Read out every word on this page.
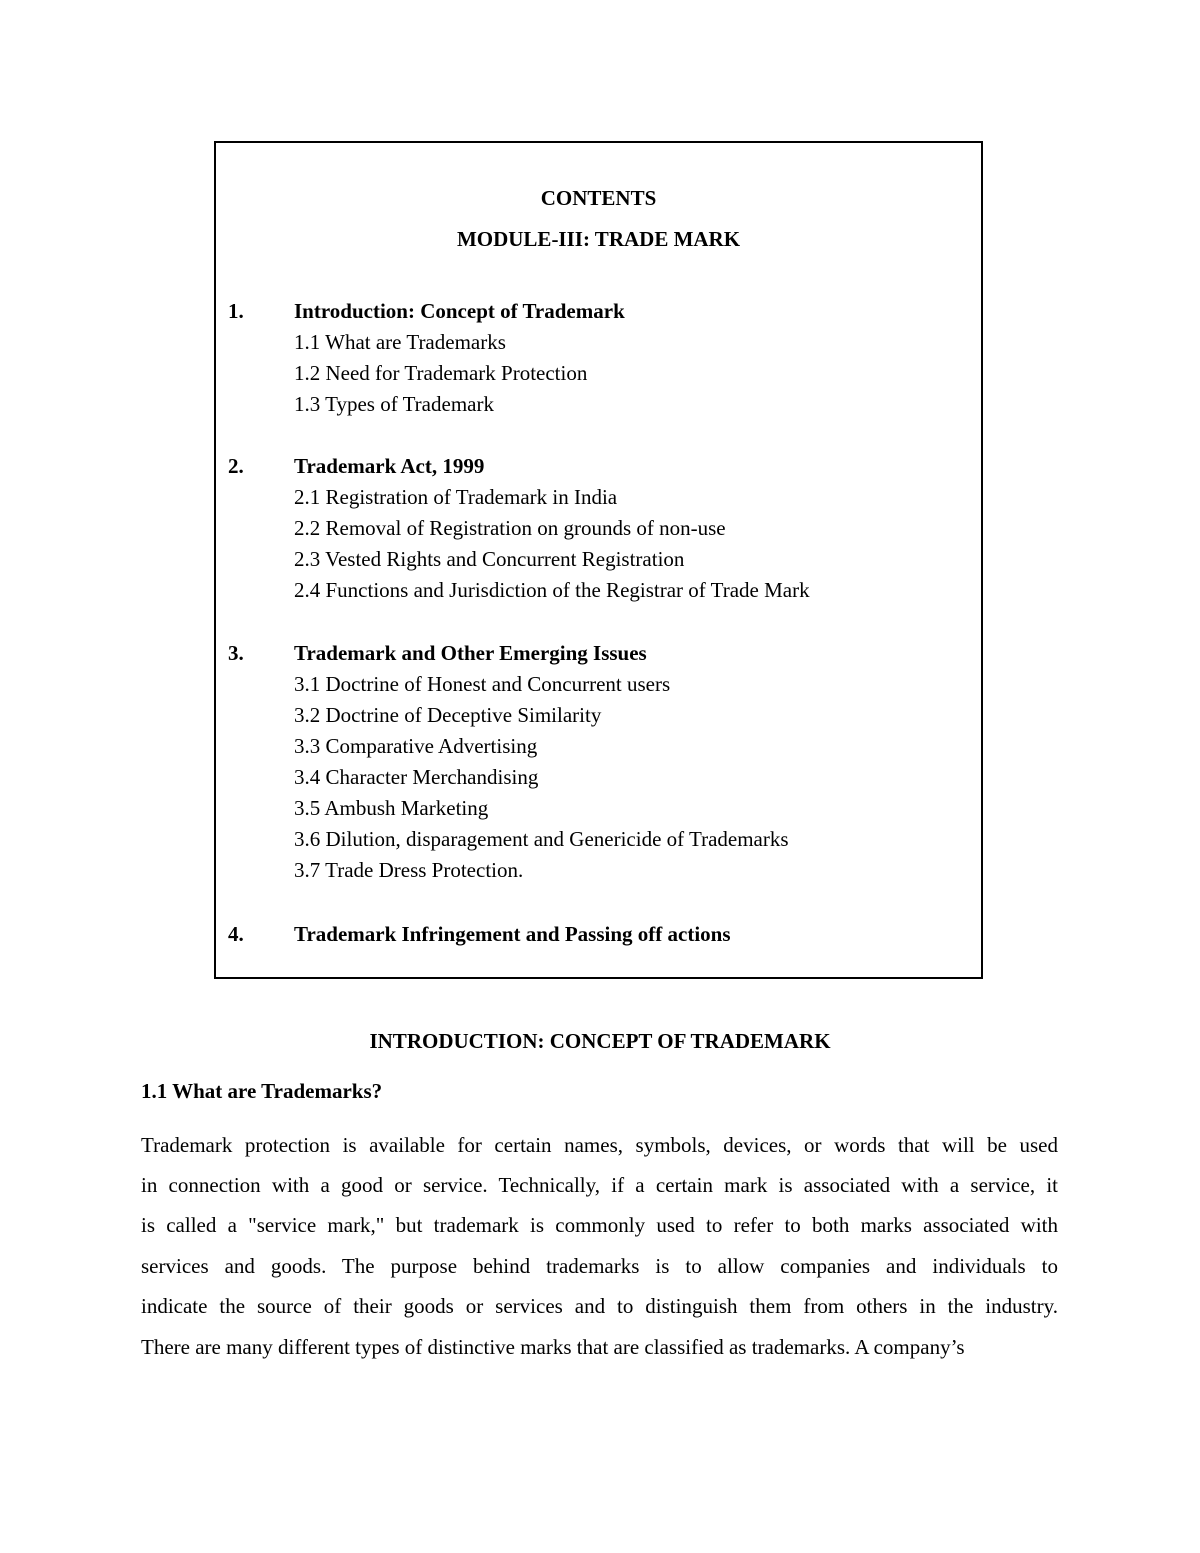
CONTENTS
MODULE-III: TRADE MARK
1. Introduction: Concept of Trademark
1.1 What are Trademarks
1.2 Need for Trademark Protection
1.3 Types of Trademark
2. Trademark Act, 1999
2.1 Registration of Trademark in India
2.2 Removal of Registration on grounds of non-use
2.3 Vested Rights and Concurrent Registration
2.4 Functions and Jurisdiction of the Registrar of Trade Mark
3. Trademark and Other Emerging Issues
3.1 Doctrine of Honest and Concurrent users
3.2 Doctrine of Deceptive Similarity
3.3 Comparative Advertising
3.4 Character Merchandising
3.5 Ambush Marketing
3.6 Dilution, disparagement and Genericide of Trademarks
3.7 Trade Dress Protection.
4. Trademark Infringement and Passing off actions
INTRODUCTION: CONCEPT OF TRADEMARK
1.1 What are Trademarks?
Trademark protection is available for certain names, symbols, devices, or words that will be used
in connection with a good or service. Technically, if a certain mark is associated with a service, it
is called a "service mark," but trademark is commonly used to refer to both marks associated with
services and goods. The purpose behind trademarks is to allow companies and individuals to
indicate the source of their goods or services and to distinguish them from others in the industry.
There are many different types of distinctive marks that are classified as trademarks. A company’s
